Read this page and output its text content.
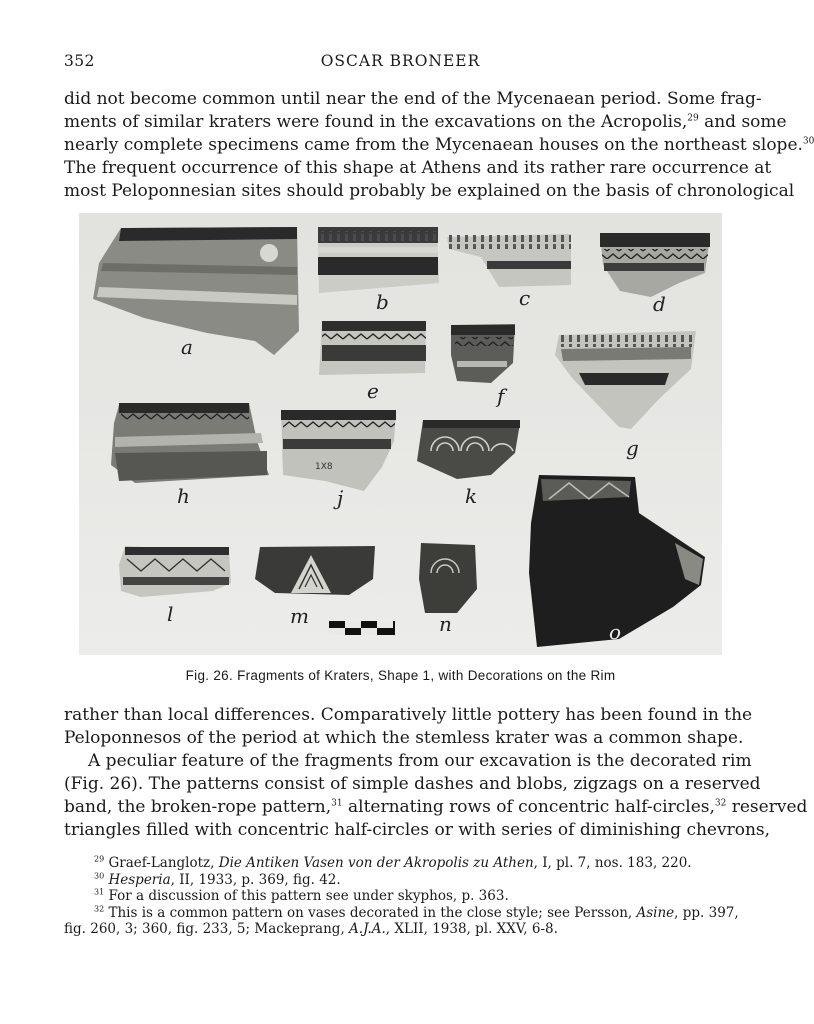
352	OSCAR BRONEER
did not become common until near the end of the Mycenaean period. Some frag-
ments of similar kraters were found in the excavations on the Acropolis,$^{29}$ and some
nearly complete specimens came from the Mycenaean houses on the northeast slope.$^{30}$
The frequent occurrence of this shape at Athens and its rather rare occurrence at
most Peloponnesian sites should probably be explained on the basis of chronological
a
b	c	d
e	f
g
h
1X8
j	k
l	m	n	o
Fig. 26. Fragments of Kraters, Shape 1, with Decorations on the Rim
rather than local differences. Comparatively little pottery has been found in the
Peloponnesos of the period at which the stemless krater was a common shape.
A peculiar feature of the fragments from our excavation is the decorated rim
(Fig. 26). The patterns consist of simple dashes and blobs, zigzags on a reserved
band, the broken-rope pattern,$^{31}$ alternating rows of concentric half-circles,$^{32}$ reserved
triangles filled with concentric half-circles or with series of diminishing chevrons,
$^{29}$ Graef-Langlotz, Die Antiken Vasen von der Akropolis zu Athen, I, pl. 7, nos. 183, 220.
$^{30}$ Hesperia, II, 1933, p. 369, fig. 42.
$^{31}$ For a discussion of this pattern see under skyphos, p. 363.
$^{32}$ This is a common pattern on vases decorated in the close style; see Persson, Asine, pp. 397,
fig. 260, 3; 360, fig. 233, 5; Mackeprang, A.J.A., XLII, 1938, pl. XXV, 6-8.
